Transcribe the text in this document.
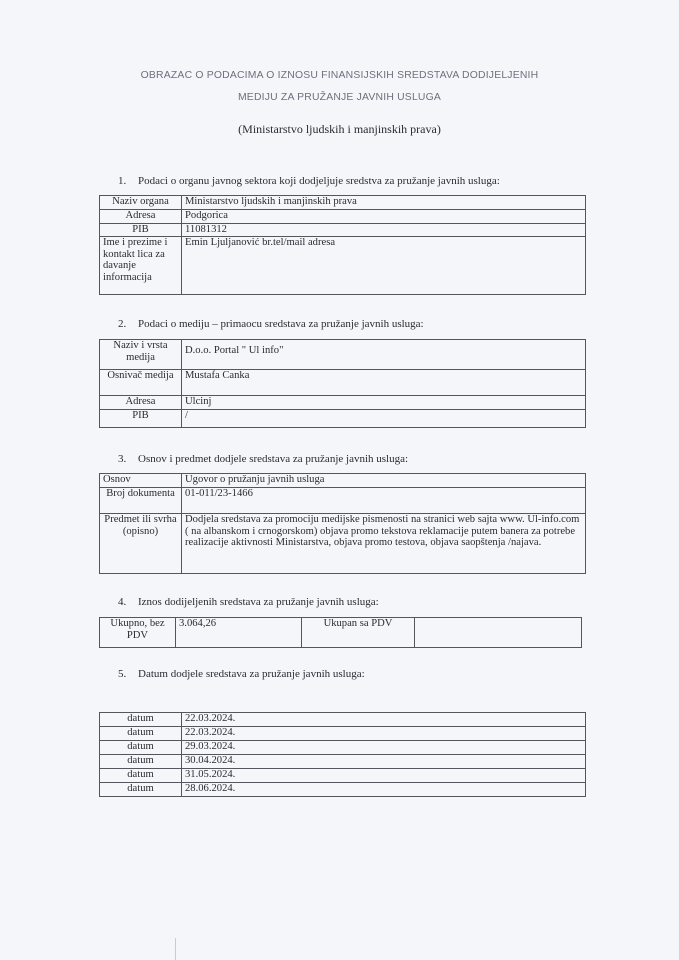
OBRAZAC O PODACIMA O IZNOSU FINANSIJSKIH SREDSTAVA DODIJELJENIH
MEDIJU ZA PRUŽANJE JAVNIH USLUGA
(Ministarstvo ljudskih i manjinskih prava)
1. Podaci o organu javnog sektora koji dodjeljuje sredstva za pružanje javnih usluga:
Naziv organa	Ministarstvo ljudskih i manjinskih prava
Adresa	Podgorica
PIB	11081312
Ime i prezime i kontakt lica za davanje informacija	Emin Ljuljanović br.tel/mail adresa
2. Podaci o mediju – primaocu sredstava za pružanje javnih usluga:
Naziv i vrsta medija	D.o.o. Portal " Ul info"
Osnivač medija	Mustafa Canka
Adresa	Ulcinj
PIB	/
3. Osnov i predmet dodjele sredstava za pružanje javnih usluga:
Osnov	Ugovor o pružanju javnih usluga
Broj dokumenta	01-011/23-1466
Predmet ili svrha (opisno)	Dodjela sredstava za promociju medijske pismenosti na stranici web sajta www. Ul-info.com ( na albanskom i crnogorskom) objava promo tekstova reklamacije putem banera za potrebe realizacije aktivnosti Ministarstva, objava promo testova, objava saopštenja /najava.
4. Iznos dodijeljenih sredstava za pružanje javnih usluga:
Ukupno, bez PDV	3.064,26	Ukupan sa PDV	
5. Datum dodjele sredstava za pružanje javnih usluga:
datum	22.03.2024.
datum	22.03.2024.
datum	29.03.2024.
datum	30.04.2024.
datum	31.05.2024.
datum	28.06.2024.
